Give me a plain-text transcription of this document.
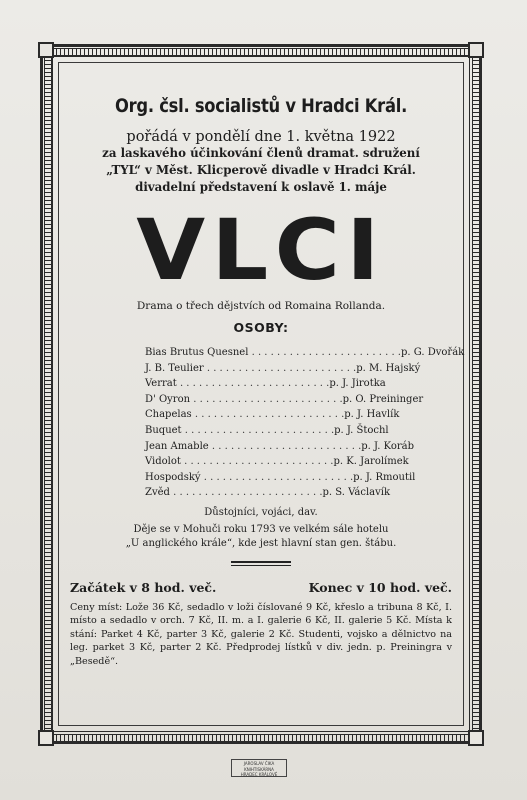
Org. čsl. socialistů v Hradci Král.
pořádá v pondělí dne 1. května 1922
za laskavého účinkování členů dramat. sdružení
„TYL“ v Měst. Klicperově divadle v Hradci Král.
divadelní představení k oslavě 1. máje
VLCI
Drama o třech dějstvích od Romaina Rollanda.
OSOBY:
Bias Brutus Quesnel . . . . . . . . . . . . . . . . . . . . . . . . p. G. Dvořák
J. B. Teulier . . . . . . . . . . . . . . . . . . . . . . . . p. M. Hajský
Verrat . . . . . . . . . . . . . . . . . . . . . . . . p. J. Jirotka
D' Oyron . . . . . . . . . . . . . . . . . . . . . . . . p. O. Preininger
Chapelas . . . . . . . . . . . . . . . . . . . . . . . . p. J. Havlík
Buquet . . . . . . . . . . . . . . . . . . . . . . . . p. J. Štochl
Jean Amable . . . . . . . . . . . . . . . . . . . . . . . . p. J. Koráb
Vidolot . . . . . . . . . . . . . . . . . . . . . . . . p. K. Jarolímek
Hospodský . . . . . . . . . . . . . . . . . . . . . . . . p. J. Rmoutil
Zvěd . . . . . . . . . . . . . . . . . . . . . . . . p. S. Václavík
Důstojníci, vojáci, dav.
Děje se v Mohuči roku 1793 ve velkém sále hotelu
„U anglického krále“, kde jest hlavní stan gen. štábu.
Začátek v 8 hod. več.	Konec v 10 hod. več.
Ceny míst: Lože 36 Kč, sedadlo v loži číslované 9 Kč, křeslo a tribuna 8 Kč, I. místo a sedadlo v orch. 7 Kč, II. m. a I. galerie 6 Kč, II. galerie 5 Kč. Místa k stání: Parket 4 Kč, parter 3 Kč, galerie 2 Kč. Studenti, vojsko a dělnictvo na leg. parket 3 Kč, parter 2 Kč. Předprodej lístků v div. jedn. p. Preiningra v „Besedě“.
JAROSLAV ČIKA
KNIHTISKÁRNA
HRADEC KRÁLOVÉ
